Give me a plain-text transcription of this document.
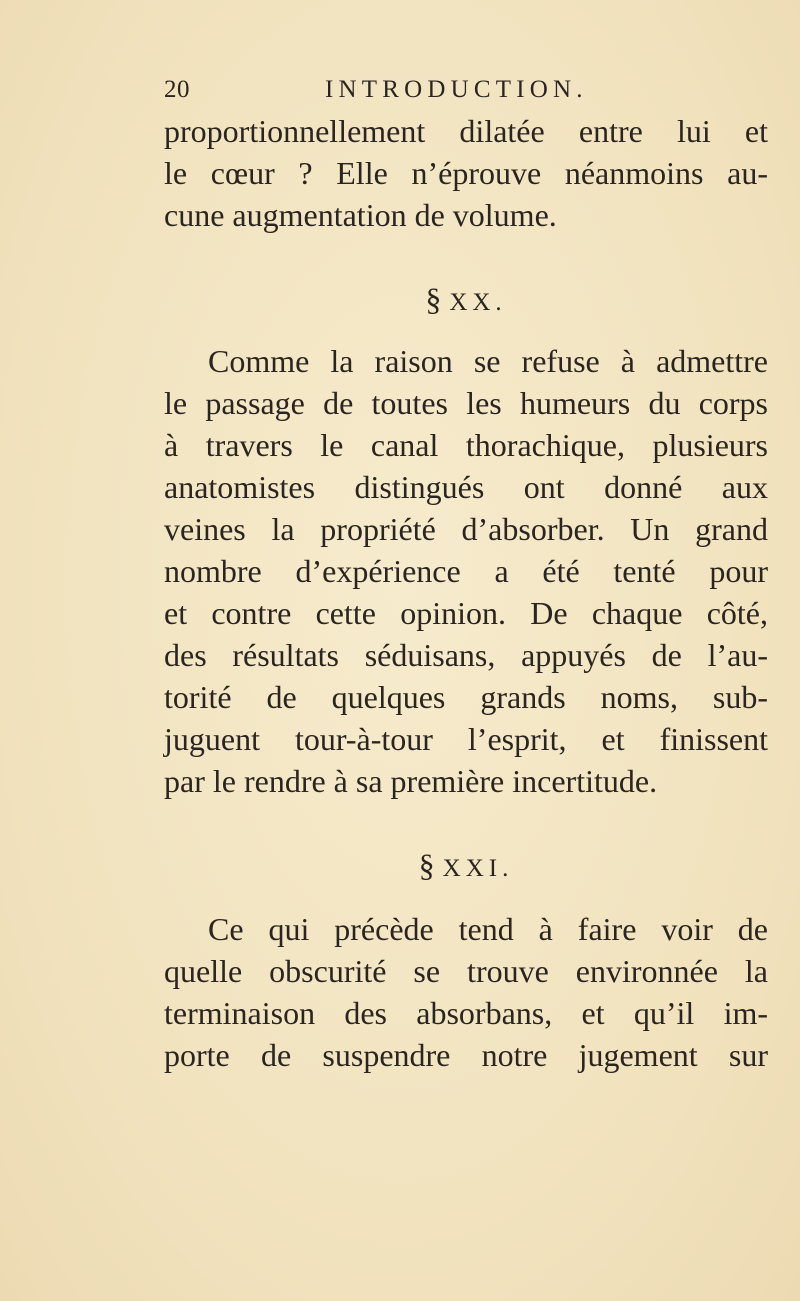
20	INTRODUCTION.
proportionnellement dilatée entre lui et
le cœur ? Elle n’éprouve néanmoins au-
cune augmentation de volume.
§ XX.
Comme la raison se refuse à admettre
le passage de toutes les humeurs du corps
à travers le canal thorachique, plusieurs
anatomistes distingués ont donné aux
veines la propriété d’absorber. Un grand
nombre d’expérience a été tenté pour
et contre cette opinion. De chaque côté,
des résultats séduisans, appuyés de l’au-
torité de quelques grands noms, sub-
juguent tour-à-tour l’esprit, et finissent
par le rendre à sa première incertitude.
§ XXI.
Ce qui précède tend à faire voir de
quelle obscurité se trouve environnée la
terminaison des absorbans, et qu’il im-
porte de suspendre notre jugement sur
